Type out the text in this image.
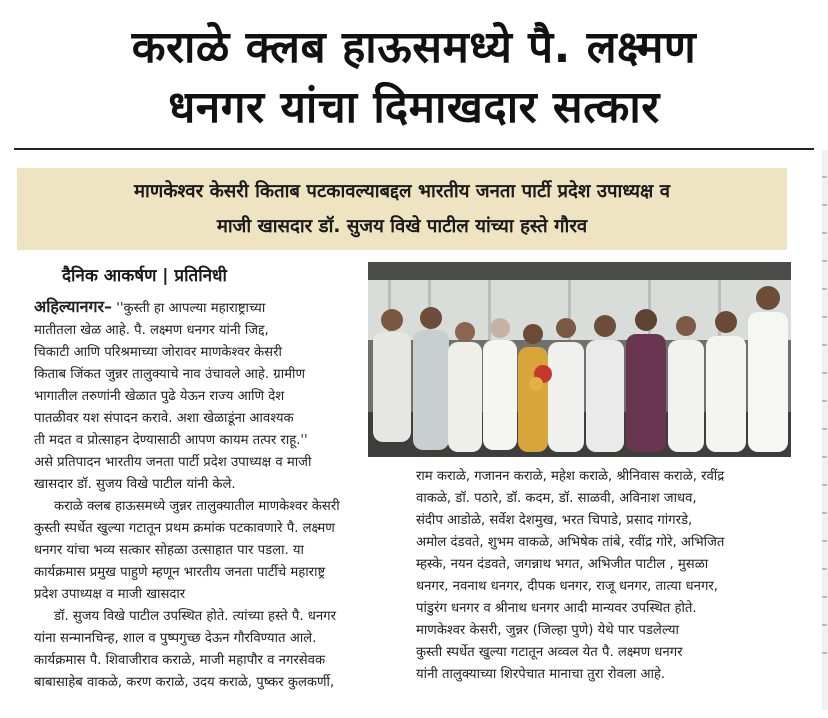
कराळे क्लब हाऊसमध्ये पै. लक्ष्मण
धनगर यांचा दिमाखदार सत्कार
माणकेश्वर केसरी किताब पटकावल्याबद्दल भारतीय जनता पार्टी प्रदेश उपाध्यक्ष व
माजी खासदार डॉ. सुजय विखे पाटील यांच्या हस्ते गौरव
दैनिक आकर्षण | प्रतिनिधी
अहिल्यानगर– ''कुस्ती हा आपल्या महाराष्ट्राच्या
मातीतला खेळ आहे. पै. लक्ष्मण धनगर यांनी जिद्द,
चिकाटी आणि परिश्रमाच्या जोरावर माणकेश्वर केसरी
किताब जिंकत जुन्नर तालुक्याचे नाव उंचावले आहे. ग्रामीण
भागातील तरुणांनी खेळात पुढे येऊन राज्य आणि देश
पातळीवर यश संपादन करावे. अशा खेळाडूंना आवश्यक
ती मदत व प्रोत्साहन देण्यासाठी आपण कायम तत्पर राहू.''
असे प्रतिपादन भारतीय जनता पार्टी प्रदेश उपाध्यक्ष व माजी
खासदार डॉ. सुजय विखे पाटील यांनी केले.
कराळे क्लब हाऊसमध्ये जुन्नर तालुक्यातील माणकेश्वर केसरी
कुस्ती स्पर्धेत खुल्या गटातून प्रथम क्रमांक पटकावणारे पै. लक्ष्मण
धनगर यांचा भव्य सत्कार सोहळा उत्साहात पार पडला. या
कार्यक्रमास प्रमुख पाहुणे म्हणून भारतीय जनता पार्टीचे महाराष्ट्र
प्रदेश उपाध्यक्ष व माजी खासदार
डॉ. सुजय विखे पाटील उपस्थित होते. त्यांच्या हस्ते पै. धनगर
यांना सन्मानचिन्ह, शाल व पुष्पगुच्छ देऊन गौरविण्यात आले.
कार्यक्रमास पै. शिवाजीराव कराळे, माजी महापौर व नगरसेवक
बाबासाहेब वाकळे, करण कराळे, उदय कराळे, पुष्कर कुलकर्णी,
राम कराळे, गजानन कराळे, महेश कराळे, श्रीनिवास कराळे, रवींद्र
वाकळे, डॉ. पठारे, डॉ. कदम, डॉ. साळवी, अविनाश जाधव,
संदीप आडोळे, सर्वेश देशमुख, भरत चिपाडे, प्रसाद गांगरडे,
अमोल दंडवते, शुभम वाकळे, अभिषेक तांबे, रवींद्र गोरे, अभिजित
म्हस्के, नयन दंडवते, जगन्नाथ भगत, अभिजीत पाटील , मुसळा
धनगर, नवनाथ धनगर, दीपक धनगर, राजू धनगर, तात्या धनगर,
पांडुरंग धनगर व श्रीनाथ धनगर आदी मान्यवर उपस्थित होते.
माणकेश्वर केसरी, जुन्नर (जिल्हा पुणे) येथे पार पडलेल्या
कुस्ती स्पर्धेत खुल्या गटातून अव्वल येत पै. लक्ष्मण धनगर
यांनी तालुक्याच्या शिरपेचात मानाचा तुरा रोवला आहे.
